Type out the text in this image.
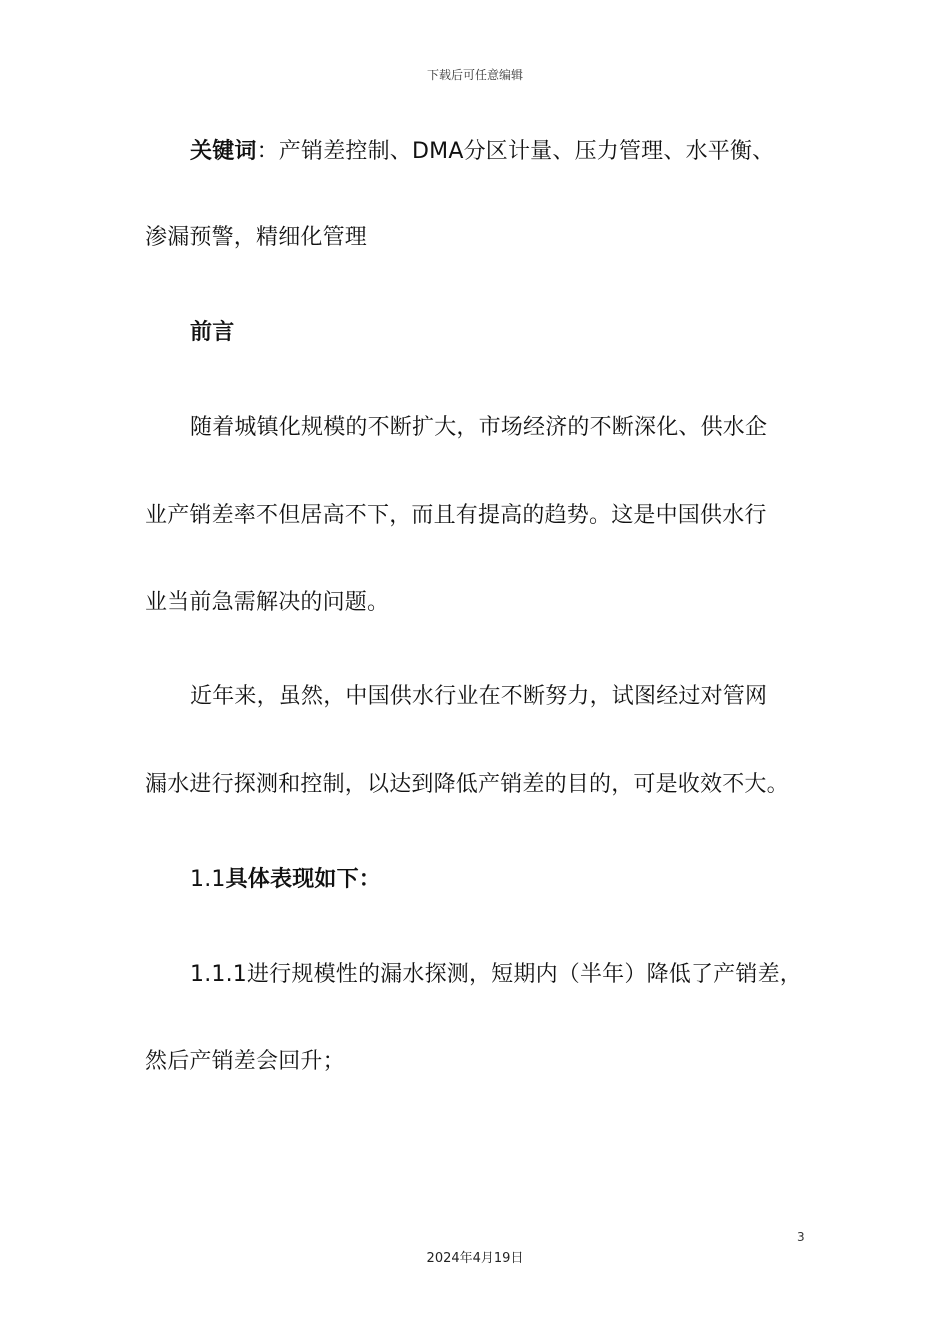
下载后可任意编辑
关键词：产销差控制、DMA分区计量、压力管理、水平衡、
渗漏预警，精细化管理
前言
随着城镇化规模的不断扩大，市场经济的不断深化、供水企
业产销差率不但居高不下，而且有提高的趋势。这是中国供水行
业当前急需解决的问题。
近年来，虽然，中国供水行业在不断努力，试图经过对管网
漏水进行探测和控制，以达到降低产销差的目的，可是收效不大。
1.1具体表现如下：
1.1.1进行规模性的漏水探测，短期内（半年）降低了产销差，
然后产销差会回升；
3
2024年4月19日
